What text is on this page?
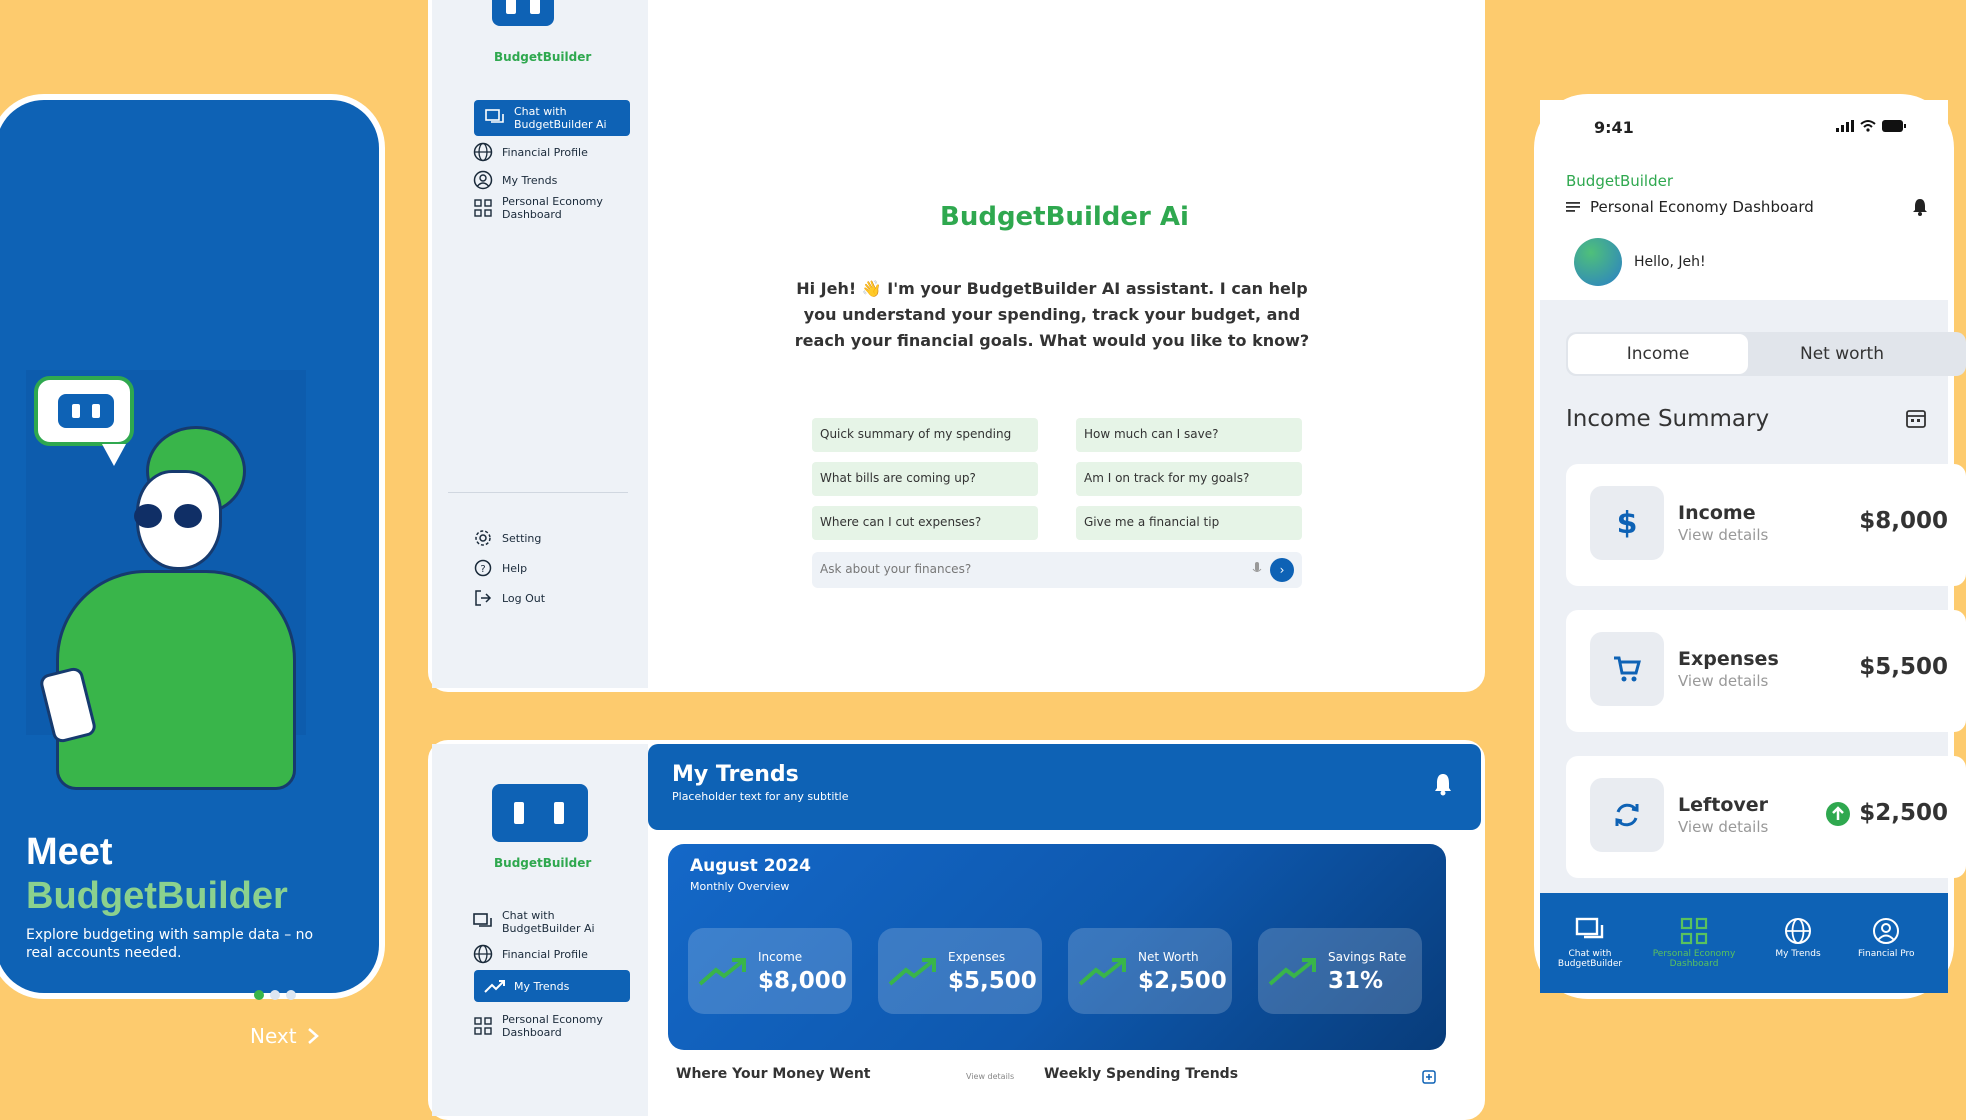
Meet
BudgetBuilder
Explore budgeting with sample data – no real accounts needed.
Next
BudgetBuilder
Chat with
BudgetBuilder Ai
Financial Profile
My Trends
Personal Economy
Dashboard
Setting
? Help
Log Out
BudgetBuilder Ai
Hi Jeh! 👋 I'm your BudgetBuilder AI assistant. I can help you understand your spending, track your budget, and reach your financial goals. What would you like to know?
Quick summary of my spending	How much can I save?
What bills are coming up?	Am I on track for my goals?
Where can I cut expenses?	Give me a financial tip
Ask about your finances?	›
BudgetBuilder
Chat with
BudgetBuilder Ai
Financial Profile
My Trends
Personal Economy
Dashboard
My Trends
Placeholder text for any subtitle
August 2024
Monthly Overview
Income
$8,000
Expenses
$5,500
Net Worth
$2,500
Savings Rate
31%
Where Your Money Went	View details Weekly Spending Trends
9:41
BudgetBuilder
Personal Economy Dashboard
Hello, Jeh!
Income	Net worth
Income Summary
$ Income
View details
$8,000
Expenses
View details
$5,500
Leftover
View details
$2,500
Chat with
BudgetBuilder
Personal Economy
Dashboard
My Trends	Financial Pro
